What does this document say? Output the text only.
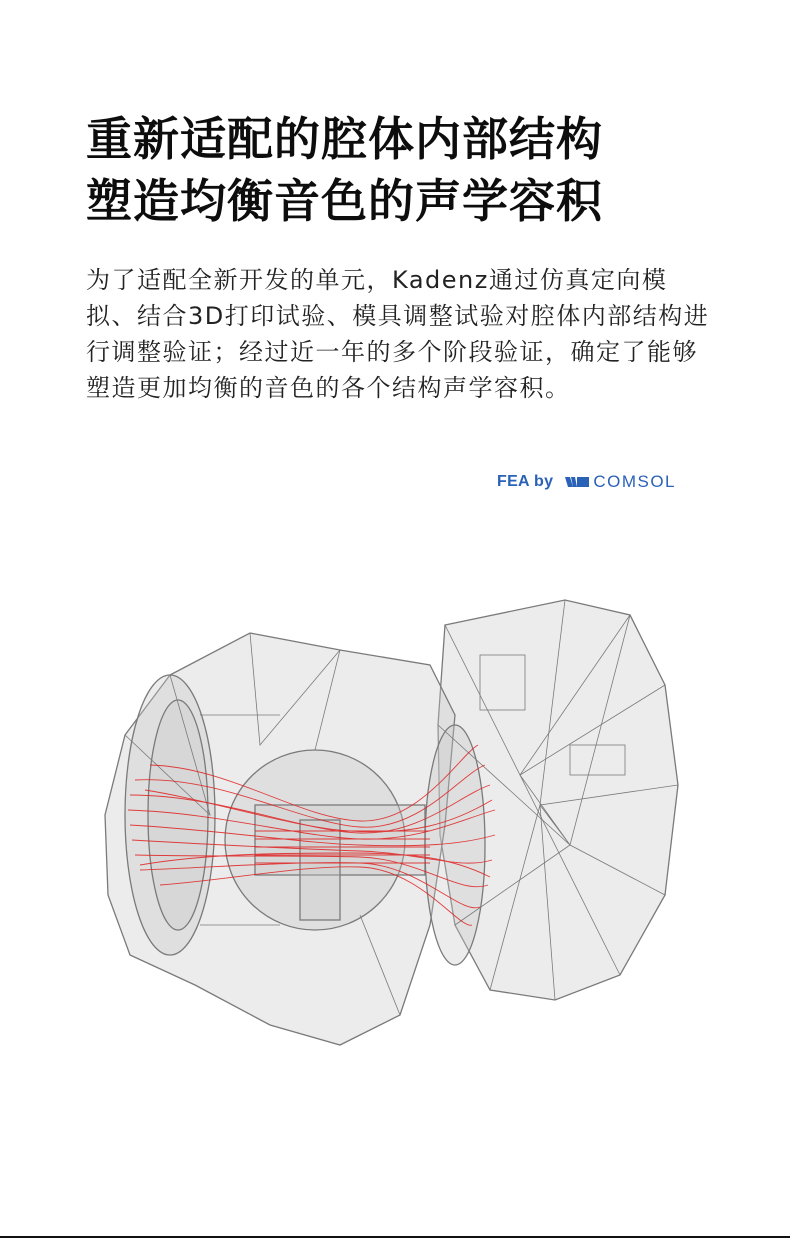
重新适配的腔体内部结构
塑造均衡音色的声学容积
为了适配全新开发的单元，Kadenz通过仿真定向模拟、结合3D打印试验、模具调整试验对腔体内部结构进行调整验证；经过近一年的多个阶段验证，确定了能够塑造更加均衡的音色的各个结构声学容积。
FEA by COMSOL
